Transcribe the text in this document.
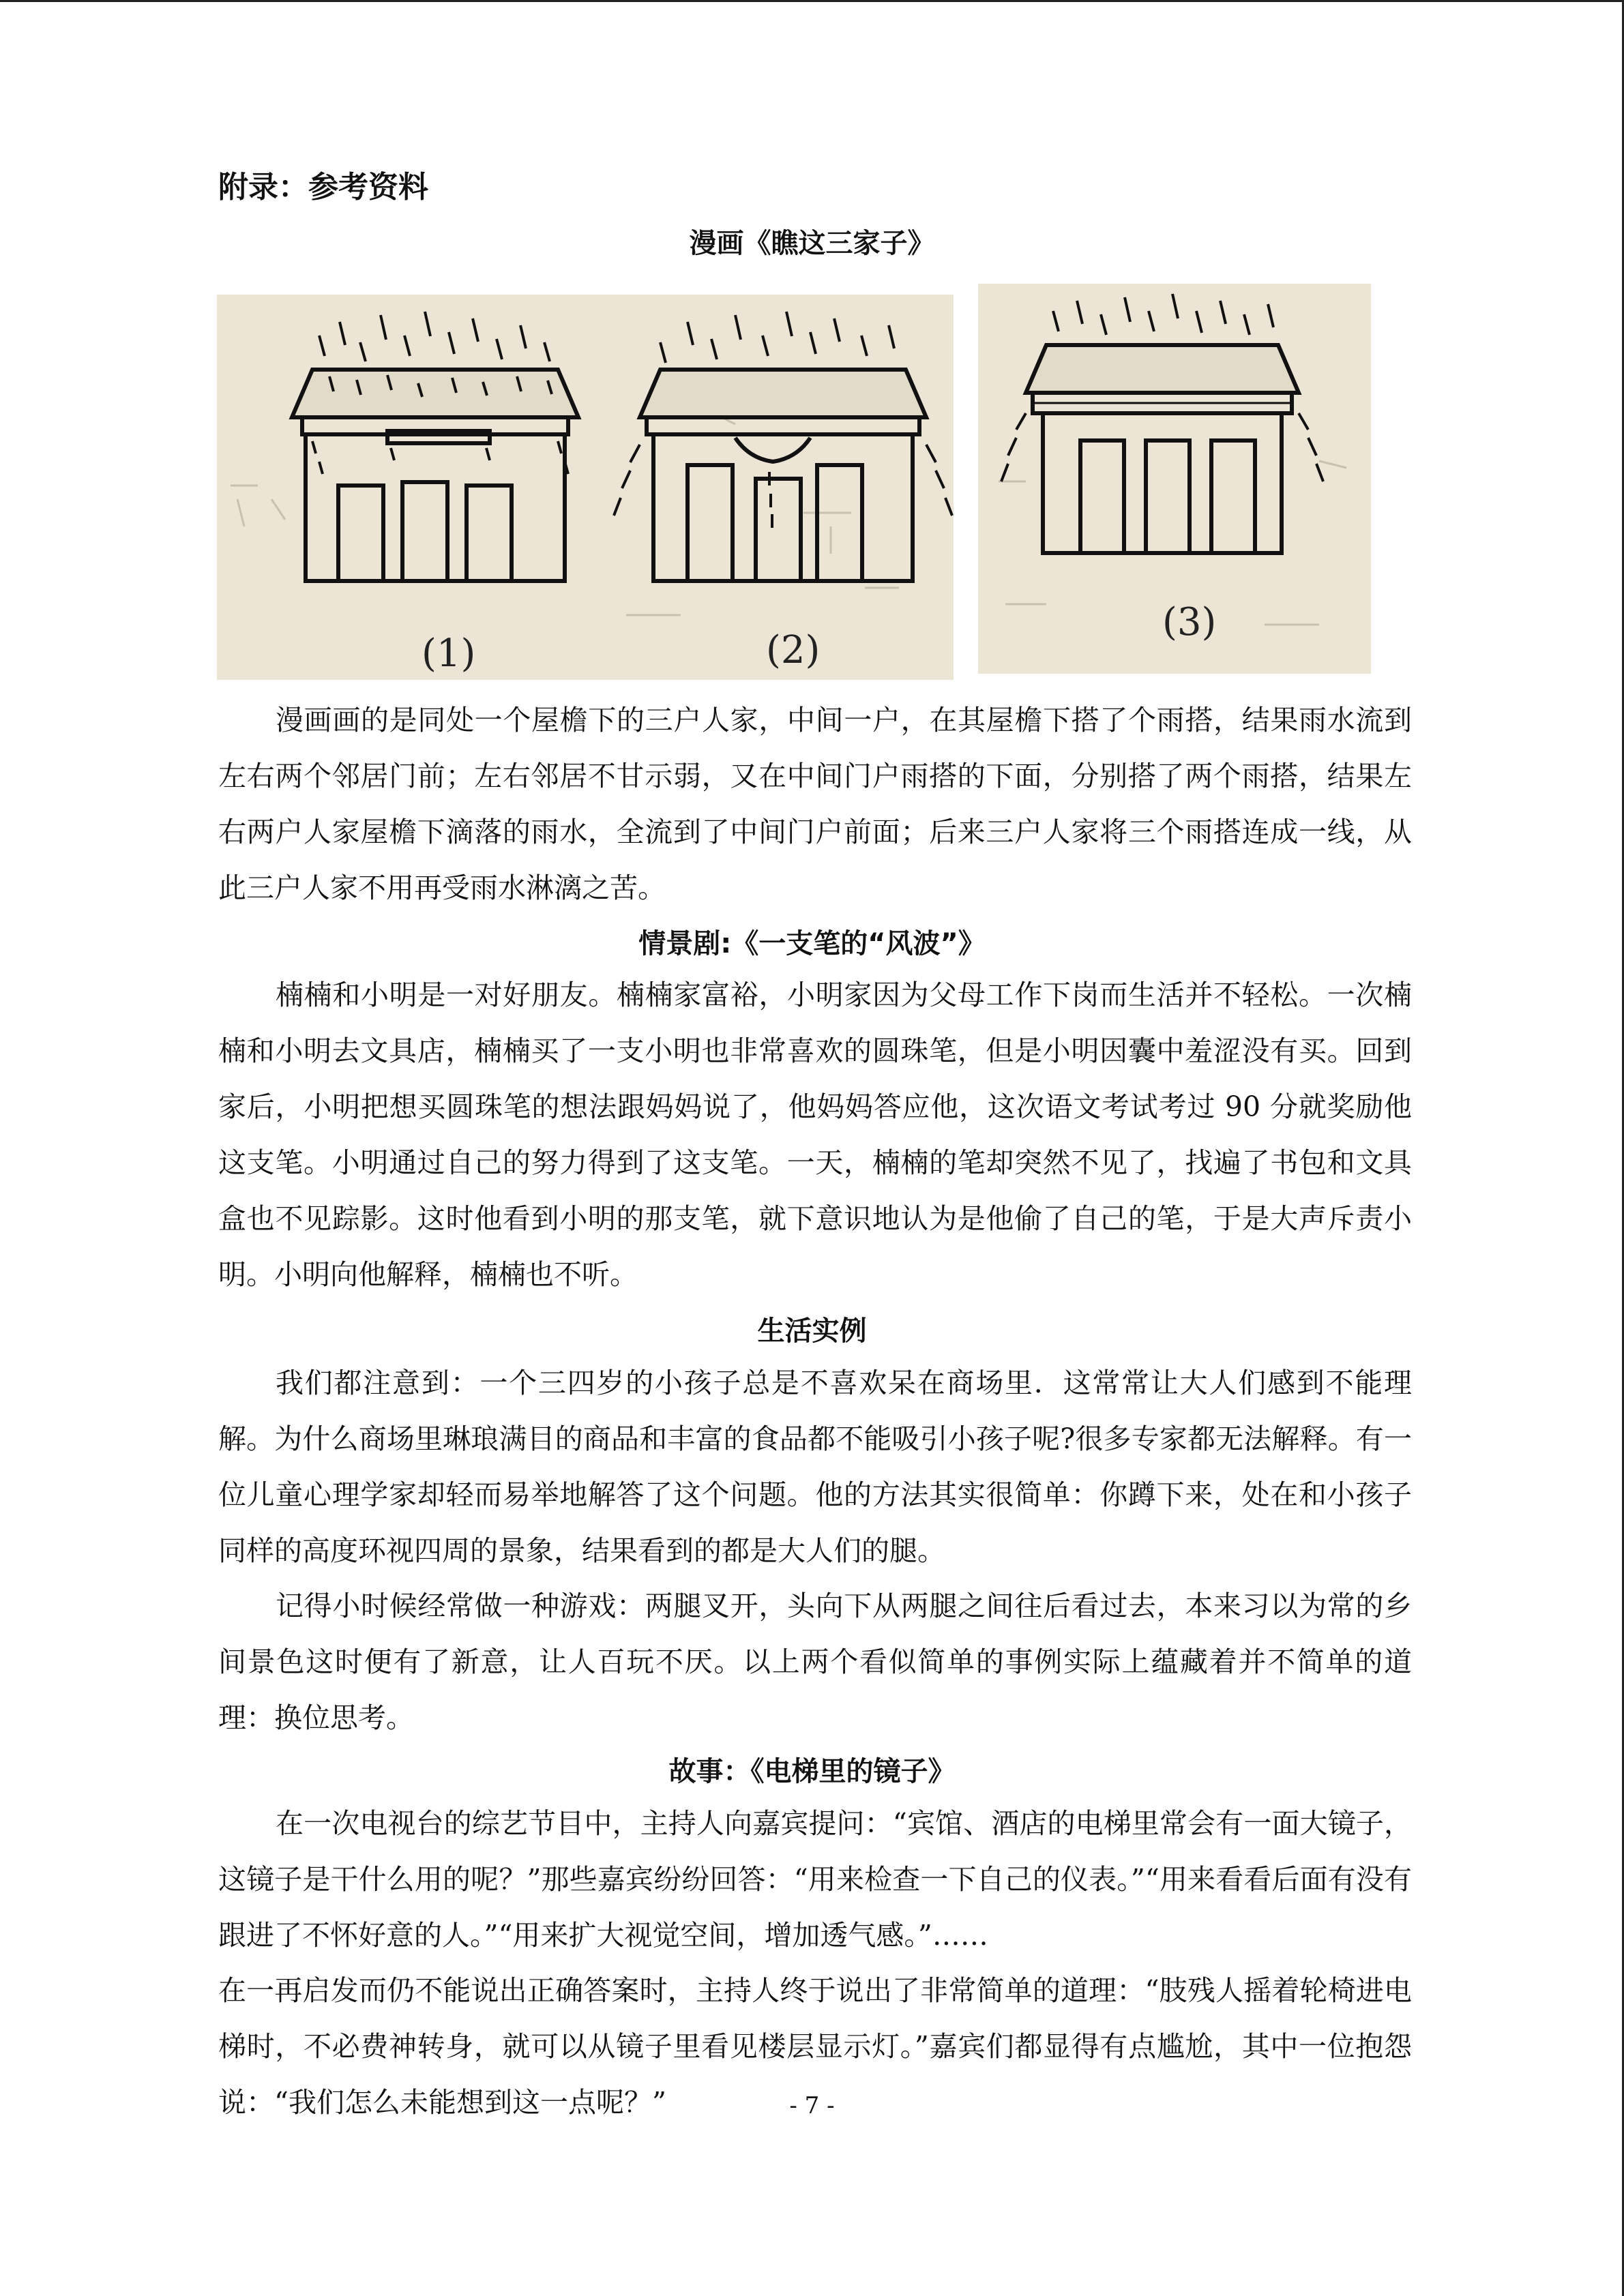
附录：参考资料
漫画《瞧这三家子》
(1)	(2)
(3)
漫画画的是同处一个屋檐下的三户人家，中间一户，在其屋檐下搭了个雨搭，结果雨水流到左右两个邻居门前；左右邻居不甘示弱，又在中间门户雨搭的下面，分别搭了两个雨搭，结果左右两户人家屋檐下滴落的雨水，全流到了中间门户前面；后来三户人家将三个雨搭连成一线，从此三户人家不用再受雨水淋漓之苦。
情景剧:《一支笔的“风波”》
楠楠和小明是一对好朋友。楠楠家富裕，小明家因为父母工作下岗而生活并不轻松。一次楠楠和小明去文具店，楠楠买了一支小明也非常喜欢的圆珠笔，但是小明因囊中羞涩没有买。回到家后，小明把想买圆珠笔的想法跟妈妈说了，他妈妈答应他，这次语文考试考过 90 分就奖励他这支笔。小明通过自己的努力得到了这支笔。一天，楠楠的笔却突然不见了，找遍了书包和文具盒也不见踪影。这时他看到小明的那支笔，就下意识地认为是他偷了自己的笔，于是大声斥责小明。小明向他解释，楠楠也不听。
生活实例
我们都注意到：一个三四岁的小孩子总是不喜欢呆在商场里．这常常让大人们感到不能理解。为什么商场里琳琅满目的商品和丰富的食品都不能吸引小孩子呢?很多专家都无法解释。有一位儿童心理学家却轻而易举地解答了这个问题。他的方法其实很简单：你蹲下来，处在和小孩子同样的高度环视四周的景象，结果看到的都是大人们的腿。
记得小时候经常做一种游戏：两腿叉开，头向下从两腿之间往后看过去，本来习以为常的乡间景色这时便有了新意，让人百玩不厌。以上两个看似简单的事例实际上蕴藏着并不简单的道理：换位思考。
故事：《电梯里的镜子》
在一次电视台的综艺节目中，主持人向嘉宾提问：“宾馆、酒店的电梯里常会有一面大镜子，这镜子是干什么用的呢？”那些嘉宾纷纷回答：“用来检查一下自己的仪表。”“用来看看后面有没有跟进了不怀好意的人。”“用来扩大视觉空间，增加透气感。”……
在一再启发而仍不能说出正确答案时，主持人终于说出了非常简单的道理：“肢残人摇着轮椅进电梯时，不必费神转身，就可以从镜子里看见楼层显示灯。”嘉宾们都显得有点尴尬，其中一位抱怨说：“我们怎么未能想到这一点呢？”	- 7 -
